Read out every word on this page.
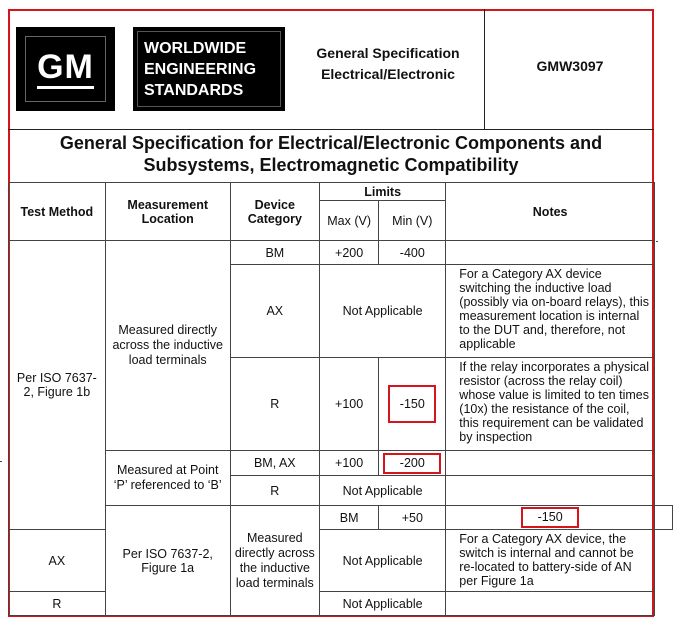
GM	WORLDWIDE
ENGINEERING
STANDARDS
General Specification
Electrical/Electronic	GMW3097
General Specification for Electrical/Electronic Components and
Subsystems, Electromagnetic Compatibility
Test Method	Measurement Location	Device Category	Limits		Notes	
			Max (V)	Min (V)		
Per ISO 7637-2, Figure 1b	Measured directly across the inductive load terminals	BM	+200	-400		
		AX	Not Applicable		For a Category AX device switching the inductive load (possibly via on-board relays), this measurement location is internal to the DUT and, therefore, not applicable	
		R	+100	-150	If the relay incorporates a physical resistor (across the relay coil) whose value is limited to ten times (10x) the resistance of the coil, this requirement can be validated by inspection	
	Measured at Point ‘P’ referenced to ‘B’	BM, AX	+100	-200		
		R	Not Applicable			
	Per ISO 7637-2, Figure 1a	Measured directly across the inductive load terminals	BM	+50	-150	
AX			Not Applicable		For a Category AX device, the switch is internal and cannot be re-located to battery-side of AN per Figure 1a	
R			Not Applicable			
